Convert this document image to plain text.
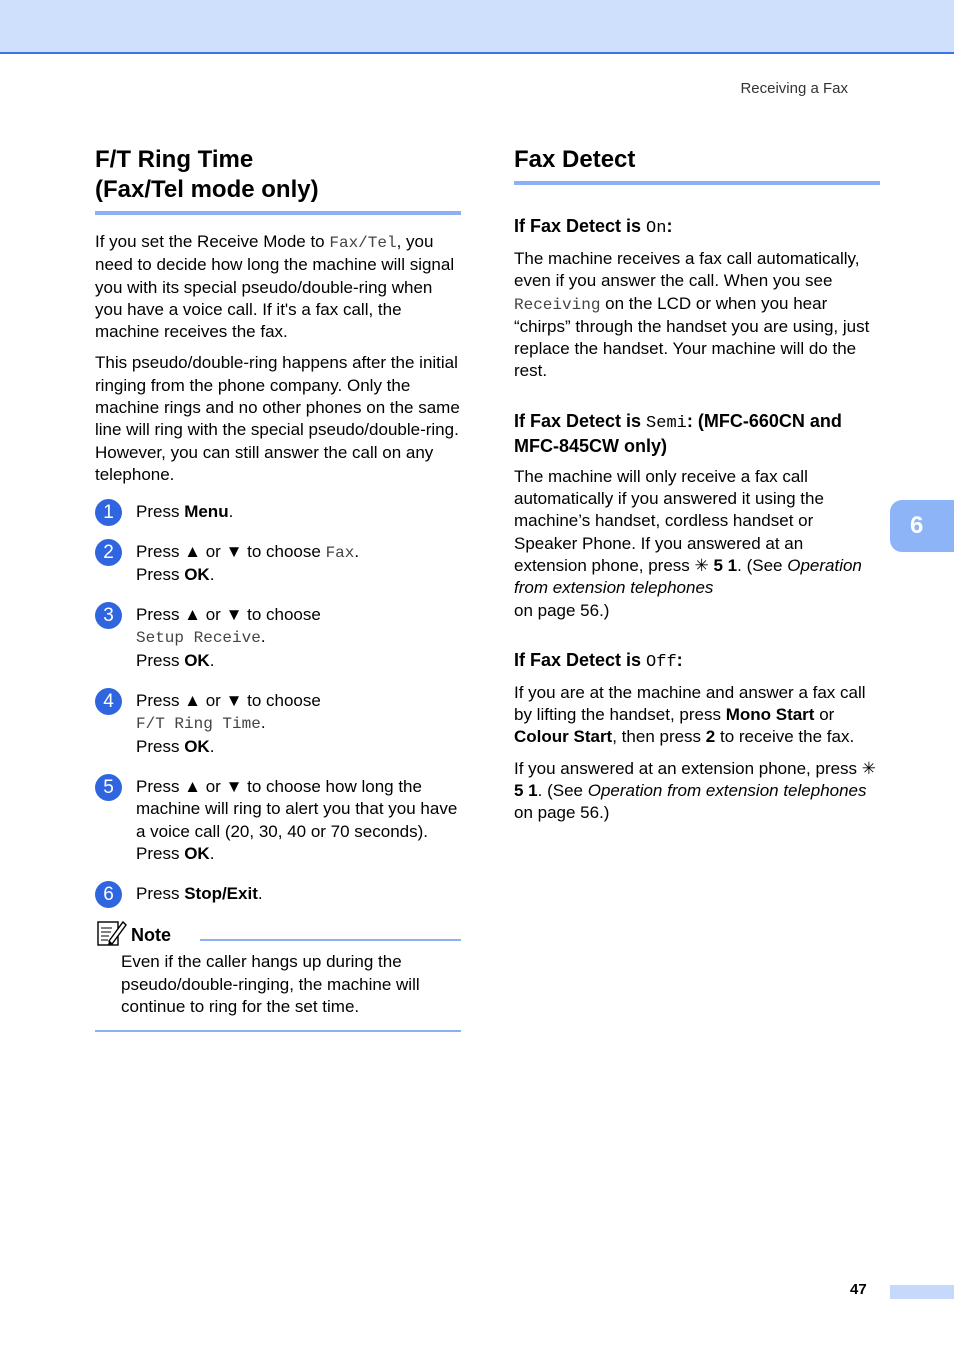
Receiving a Fax
F/T Ring Time
(Fax/Tel mode only)

If you set the Receive Mode to Fax/Tel, you need to decide how long the machine will signal you with its special pseudo/double-ring when you have a voice call. If it's a fax call, the machine receives the fax.

This pseudo/double-ring happens after the initial ringing from the phone company. Only the machine rings and no other phones on the same line will ring with the special pseudo/double-ring. However, you can still answer the call on any telephone.

1	Press Menu.
2	Press ▲ or ▼ to choose Fax.
Press OK.
3	Press ▲ or ▼ to choose
Setup Receive.
Press OK.
4	Press ▲ or ▼ to choose
F/T Ring Time.
Press OK.
5	Press ▲ or ▼ to choose how long the machine will ring to alert you that you have a voice call (20, 30, 40 or 70 seconds).
Press OK.
6	Press Stop/Exit.
Note
Even if the caller hangs up during the pseudo/double-ringing, the machine will continue to ring for the set time.
Fax Detect
If Fax Detect is On:

The machine receives a fax call automatically, even if you answer the call. When you see Receiving on the LCD or when you hear “chirps” through the handset you are using, just replace the handset. Your machine will do the rest.

If Fax Detect is Semi: (MFC-660CN and MFC-845CW only)

The machine will only receive a fax call automatically if you answered it using the machine’s handset, cordless handset or Speaker Phone. If you answered at an extension phone, press ✳ 5 1. (See Operation from extension telephones
on page 56.)

If Fax Detect is Off:

If you are at the machine and answer a fax call by lifting the handset, press Mono Start or Colour Start, then press 2 to receive the fax.

If you answered at an extension phone, press ✳ 5 1. (See Operation from extension telephones on page 56.)

6
47
